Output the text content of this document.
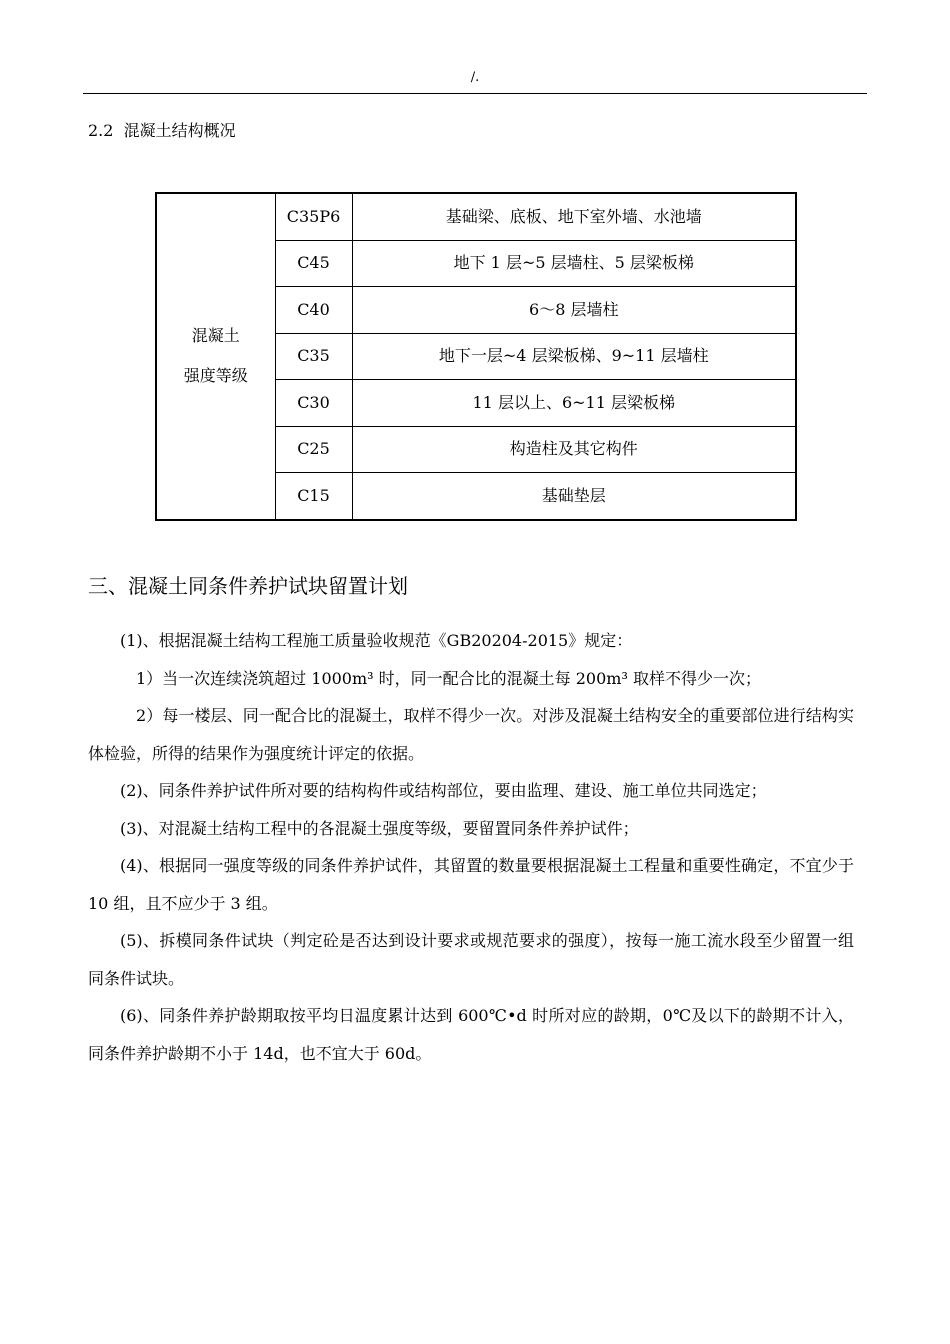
/.
2.2  混凝土结构概况
混凝土
强度等级	C35P6	基础梁、底板、地下室外墙、水池墙
	C45	地下 1 层~5 层墙柱、5 层梁板梯
	C40	6～8 层墙柱
	C35	地下一层~4 层梁板梯、9~11 层墙柱
	C30	11 层以上、6~11 层梁板梯
	C25	构造柱及其它构件
	C15	基础垫层
三、混凝土同条件养护试块留置计划

(1)、根据混凝土结构工程施工质量验收规范《GB20204-2015》规定：

1）当一次连续浇筑超过 1000m³ 时，同一配合比的混凝土每 200m³ 取样不得少一次；

2）每一楼层、同一配合比的混凝土，取样不得少一次。对涉及混凝土结构安全的重要部位进行结构实体检验，所得的结果作为强度统计评定的依据。

(2)、同条件养护试件所对要的结构构件或结构部位，要由监理、建设、施工单位共同选定；

(3)、对混凝土结构工程中的各混凝土强度等级，要留置同条件养护试件；

(4)、根据同一强度等级的同条件养护试件，其留置的数量要根据混凝土工程量和重要性确定，不宜少于 10 组，且不应少于 3 组。

(5)、拆模同条件试块（判定砼是否达到设计要求或规范要求的强度），按每一施工流水段至少留置一组同条件试块。

(6)、同条件养护龄期取按平均日温度累计达到 600℃•d 时所对应的龄期，0℃及以下的龄期不计入，同条件养护龄期不小于 14d，也不宜大于 60d。
